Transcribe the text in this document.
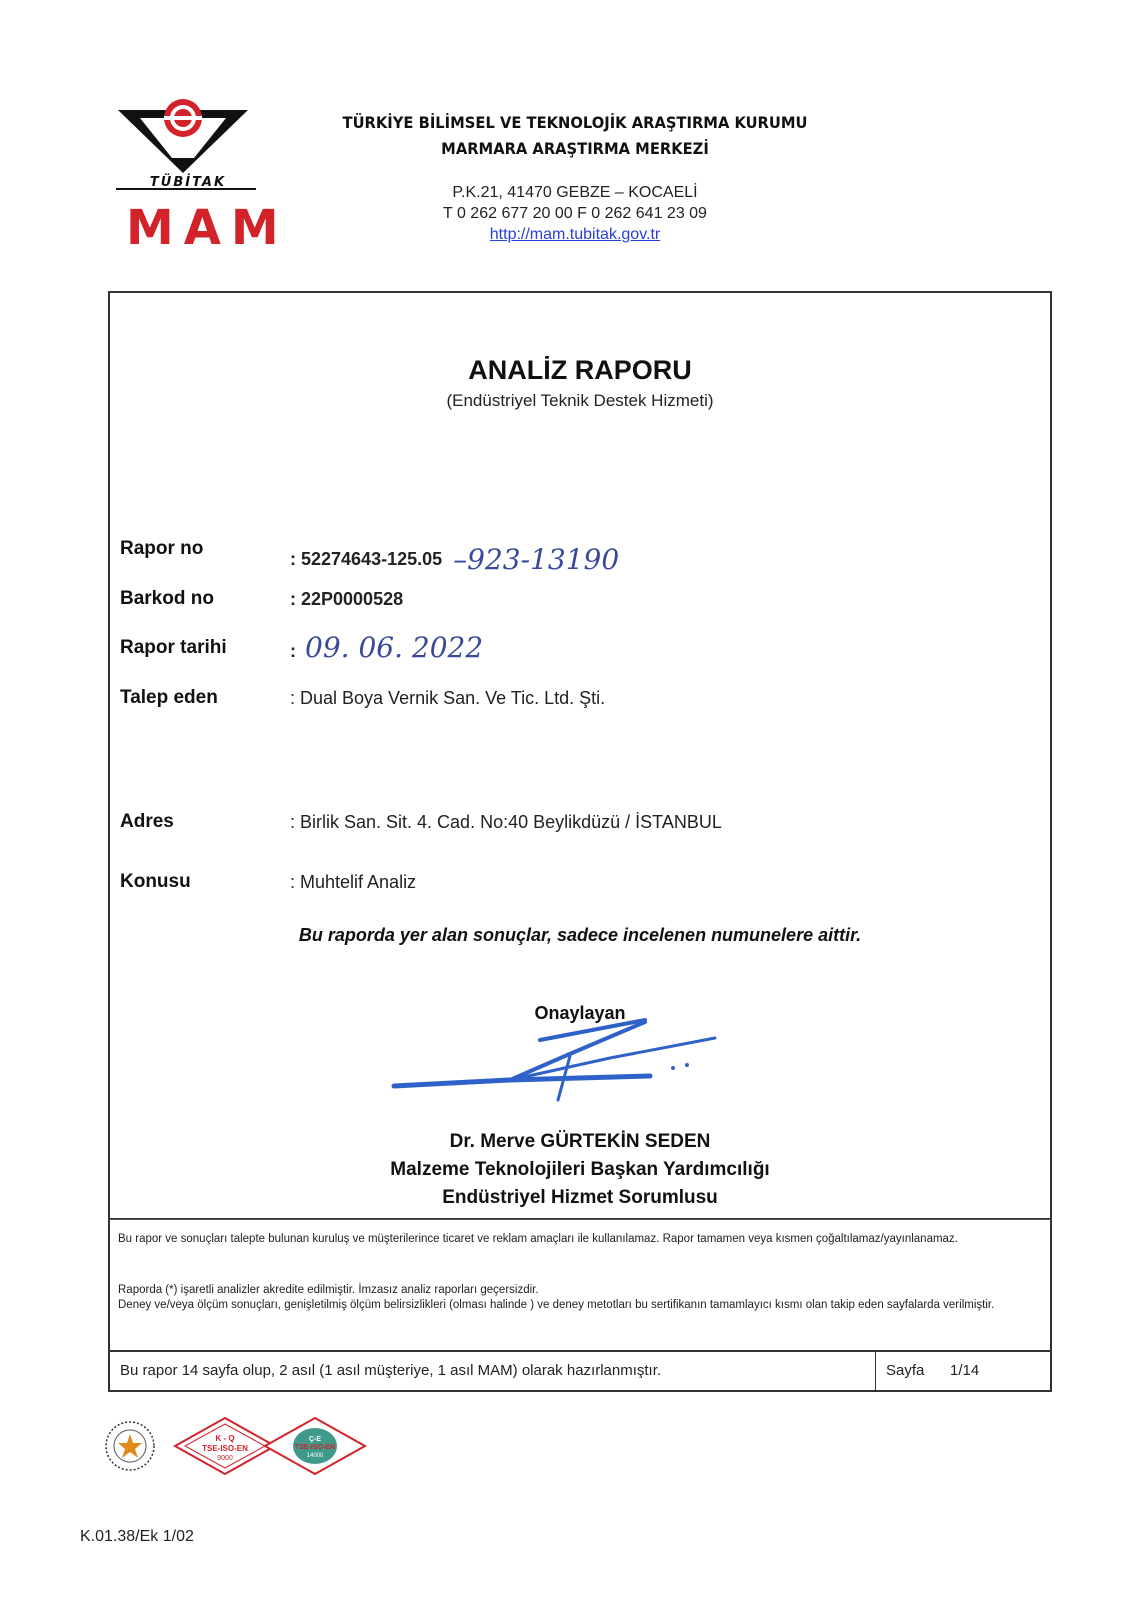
TÜBİTAK
MAM
TÜRKİYE BİLİMSEL VE TEKNOLOJİK ARAŞTIRMA KURUMU
MARMARA ARAŞTIRMA MERKEZİ
P.K.21, 41470 GEBZE – KOCAELİ
T 0 262 677 20 00 F 0 262 641 23 09
http://mam.tubitak.gov.tr
ANALİZ RAPORU
(Endüstriyel Teknik Destek Hizmeti)
Rapor no	: 52274643-125.05 –923-13190
Barkod no	: 22P0000528
Rapor tarihi	: 09. 06. 2022
Talep eden	: Dual Boya Vernik San. Ve Tic. Ltd. Şti.
Adres	: Birlik San. Sit. 4. Cad. No:40 Beylikdüzü / İSTANBUL
Konusu	: Muhtelif Analiz
Bu raporda yer alan sonuçlar, sadece incelenen numunelere aittir.
Onaylayan
Dr. Merve GÜRTEKİN SEDEN
Malzeme Teknolojileri Başkan Yardımcılığı
Endüstriyel Hizmet Sorumlusu
Bu rapor ve sonuçları talepte bulunan kuruluş ve müşterilerince ticaret ve reklam amaçları ile kullanılamaz. Rapor tamamen veya kısmen çoğaltılamaz/yayınlanamaz.
Raporda (*) işaretli analizler akredite edilmiştir. İmzasız analiz raporları geçersizdir.
Deney ve/veya ölçüm sonuçları, genişletilmiş ölçüm belirsizlikleri (olması halinde ) ve deney metotları bu sertifikanın tamamlayıcı kısmı olan takip eden sayfalarda verilmiştir.
Bu rapor 14 sayfa olup, 2 asıl (1 asıl müşteriye, 1 asıl MAM) olarak hazırlanmıştır.	Sayfa 1/14
K - Q
TSE-ISO-EN
9000
Ç-E
TSE-ISO-EN
14000
K.01.38/Ek 1/02
